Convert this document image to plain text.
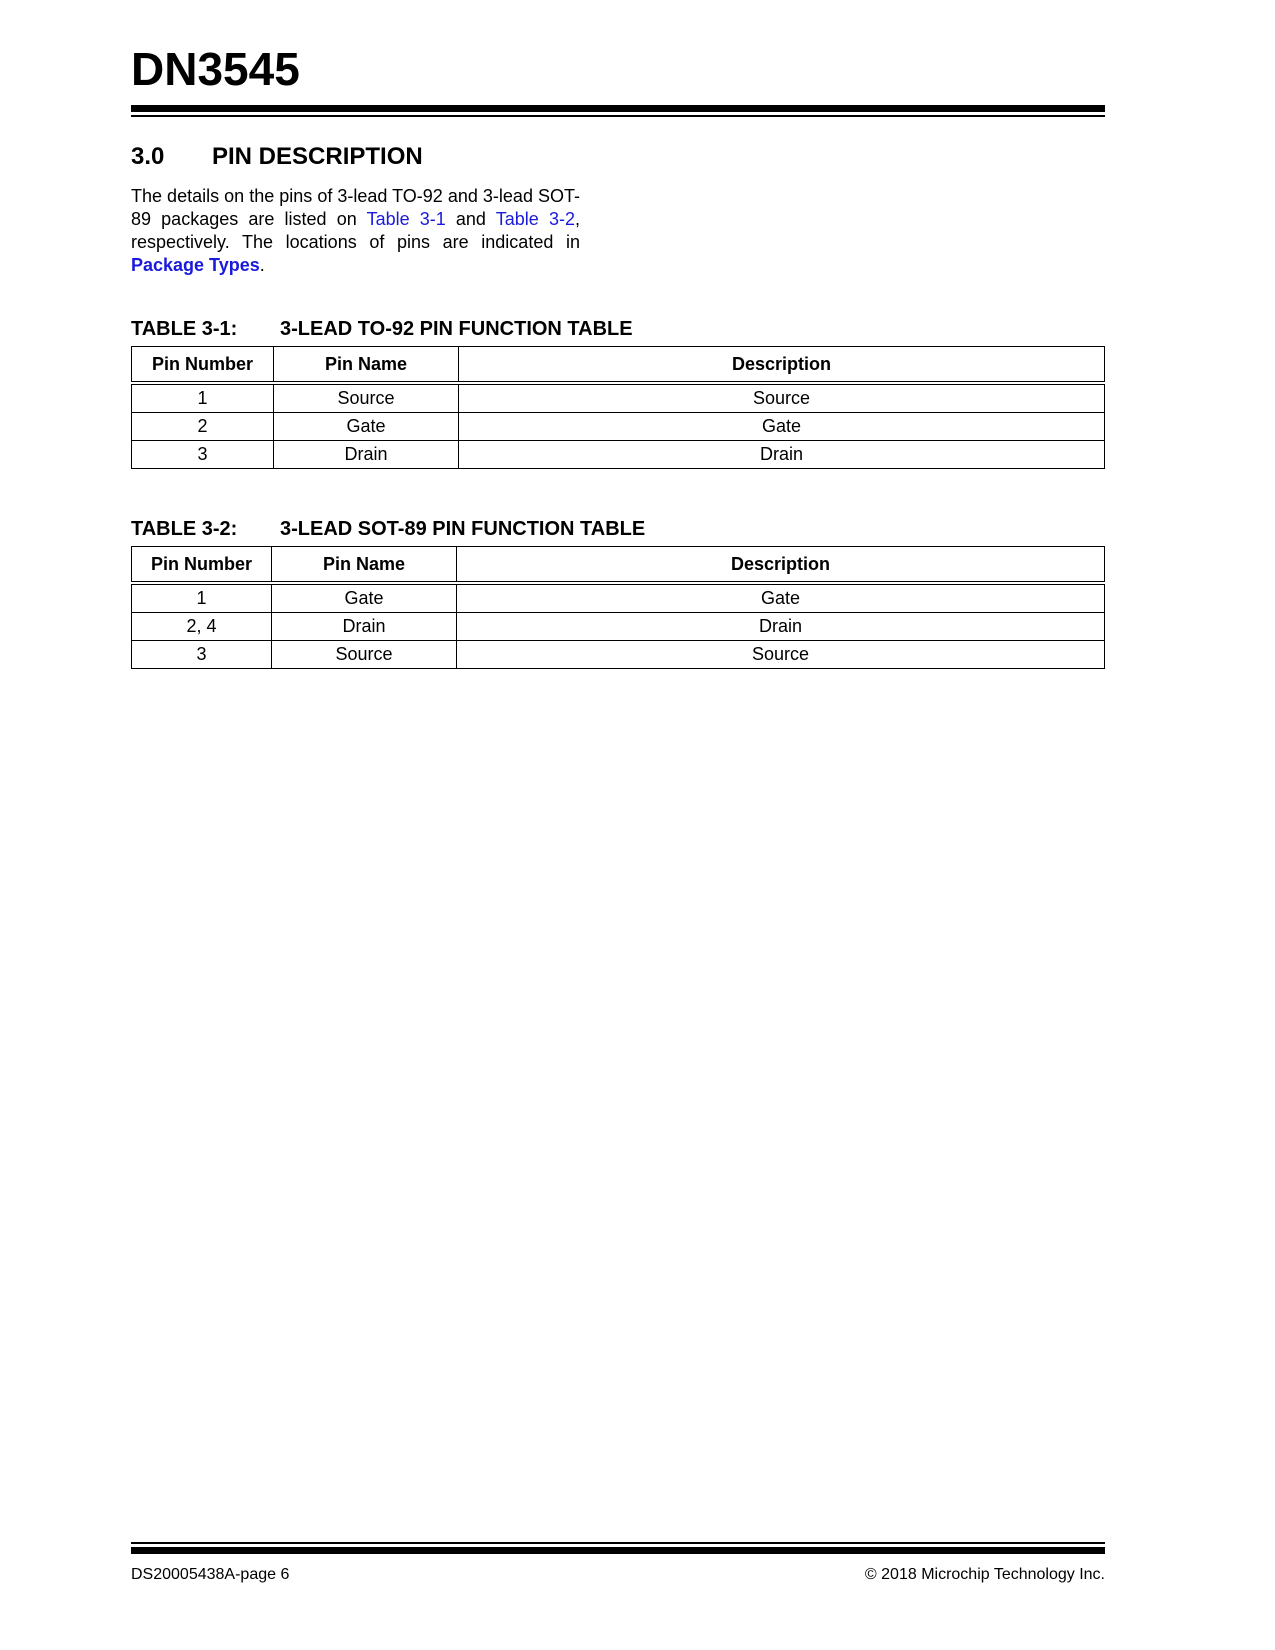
DN3545
3.0 PIN DESCRIPTION
The details on the pins of 3-lead TO-92 and 3-lead SOT-89 packages are listed on Table 3-1 and Table 3-2, respectively. The locations of pins are indicated in Package Types.
TABLE 3-1: 3-LEAD TO-92 PIN FUNCTION TABLE
Pin Number	Pin Name	Description
1	Source	Source
2	Gate	Gate
3	Drain	Drain
TABLE 3-2: 3-LEAD SOT-89 PIN FUNCTION TABLE
Pin Number	Pin Name	Description
1	Gate	Gate
2, 4	Drain	Drain
3	Source	Source
DS20005438A-page 6	© 2018 Microchip Technology Inc.
